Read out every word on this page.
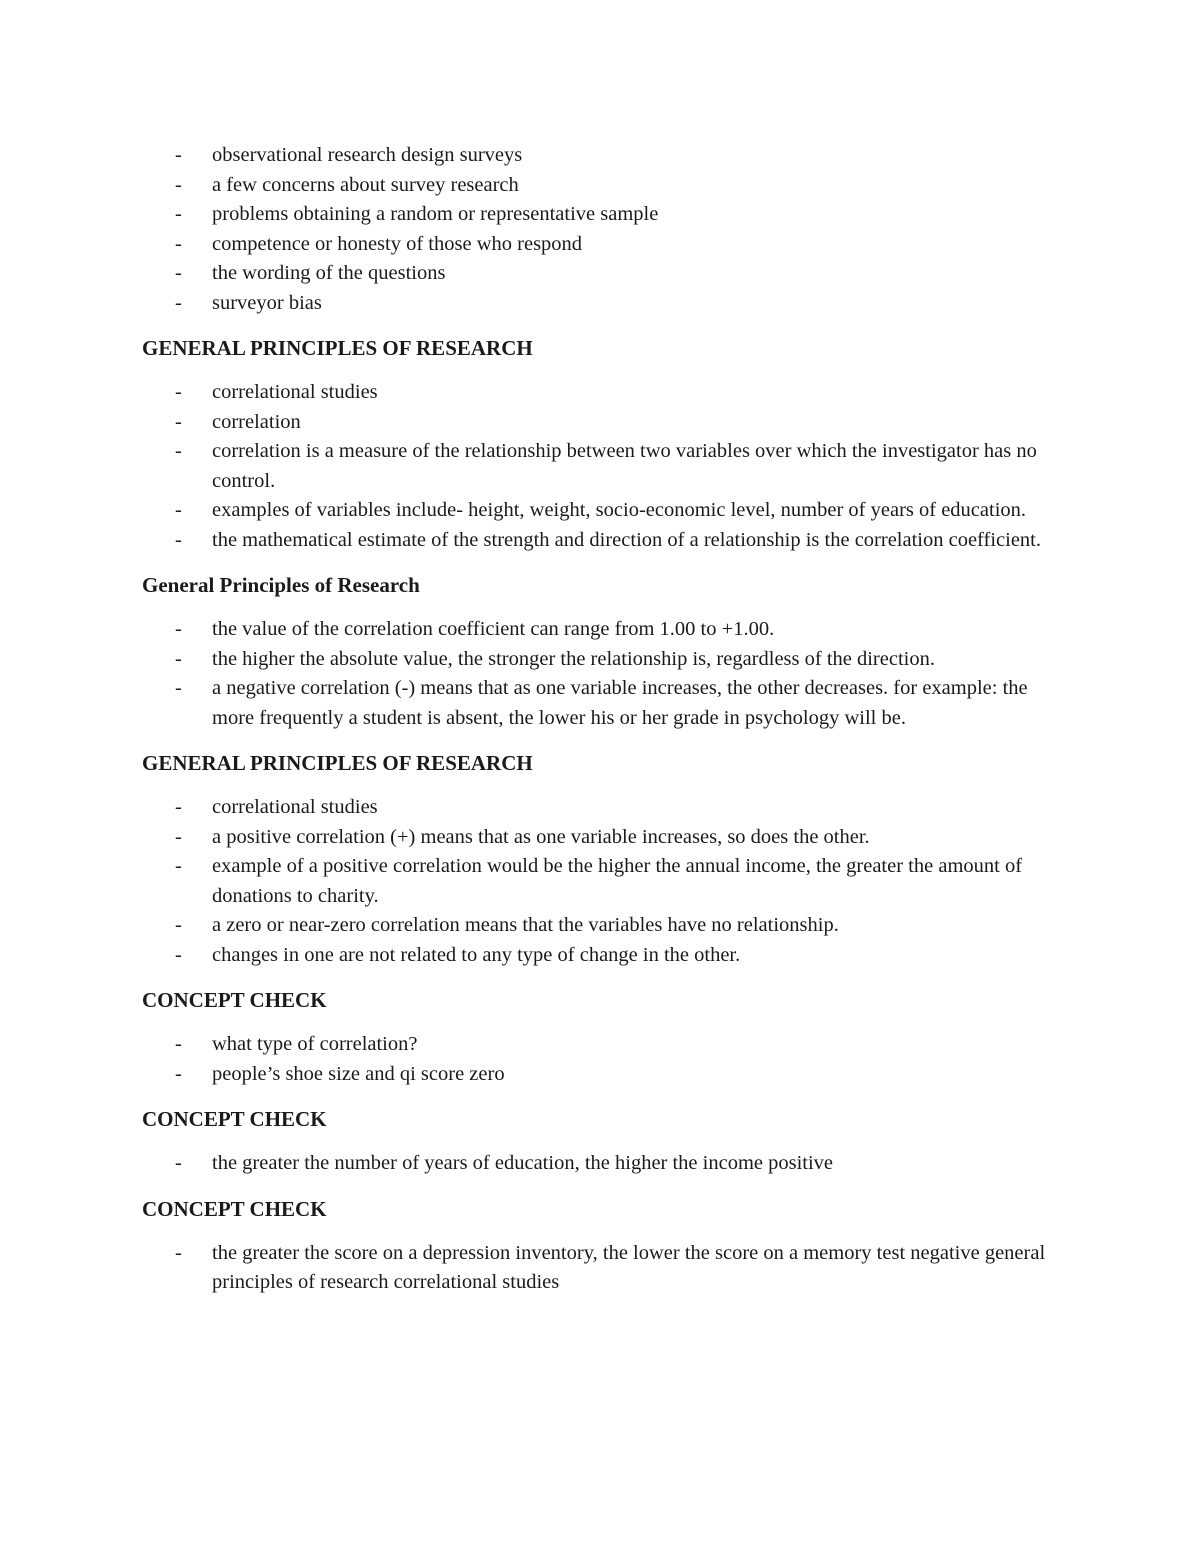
- observational research design surveys
- a few concerns about survey research
- problems obtaining a random or representative sample
- competence or honesty of those who respond
- the wording of the questions
- surveyor bias
GENERAL PRINCIPLES OF RESEARCH
- correlational studies
- correlation
- correlation is a measure of the relationship between two variables over which the investigator has no control.
- examples of variables include- height, weight, socio-economic level, number of years of education.
- the mathematical estimate of the strength and direction of a relationship is the correlation coefficient.
General Principles of Research
- the value of the correlation coefficient can range from 1.00 to +1.00.
- the higher the absolute value, the stronger the relationship is, regardless of the direction.
- a negative correlation (-) means that as one variable increases, the other decreases. for example: the more frequently a student is absent, the lower his or her grade in psychology will be.
GENERAL PRINCIPLES OF RESEARCH
- correlational studies
- a positive correlation (+) means that as one variable increases, so does the other.
- example of a positive correlation would be the higher the annual income, the greater the amount of donations to charity.
- a zero or near-zero correlation means that the variables have no relationship.
- changes in one are not related to any type of change in the other.
CONCEPT CHECK
- what type of correlation?
- people’s shoe size and qi score zero
CONCEPT CHECK
- the greater the number of years of education, the higher the income positive
CONCEPT CHECK
- the greater the score on a depression inventory, the lower the score on a memory test negative general principles of research correlational studies
